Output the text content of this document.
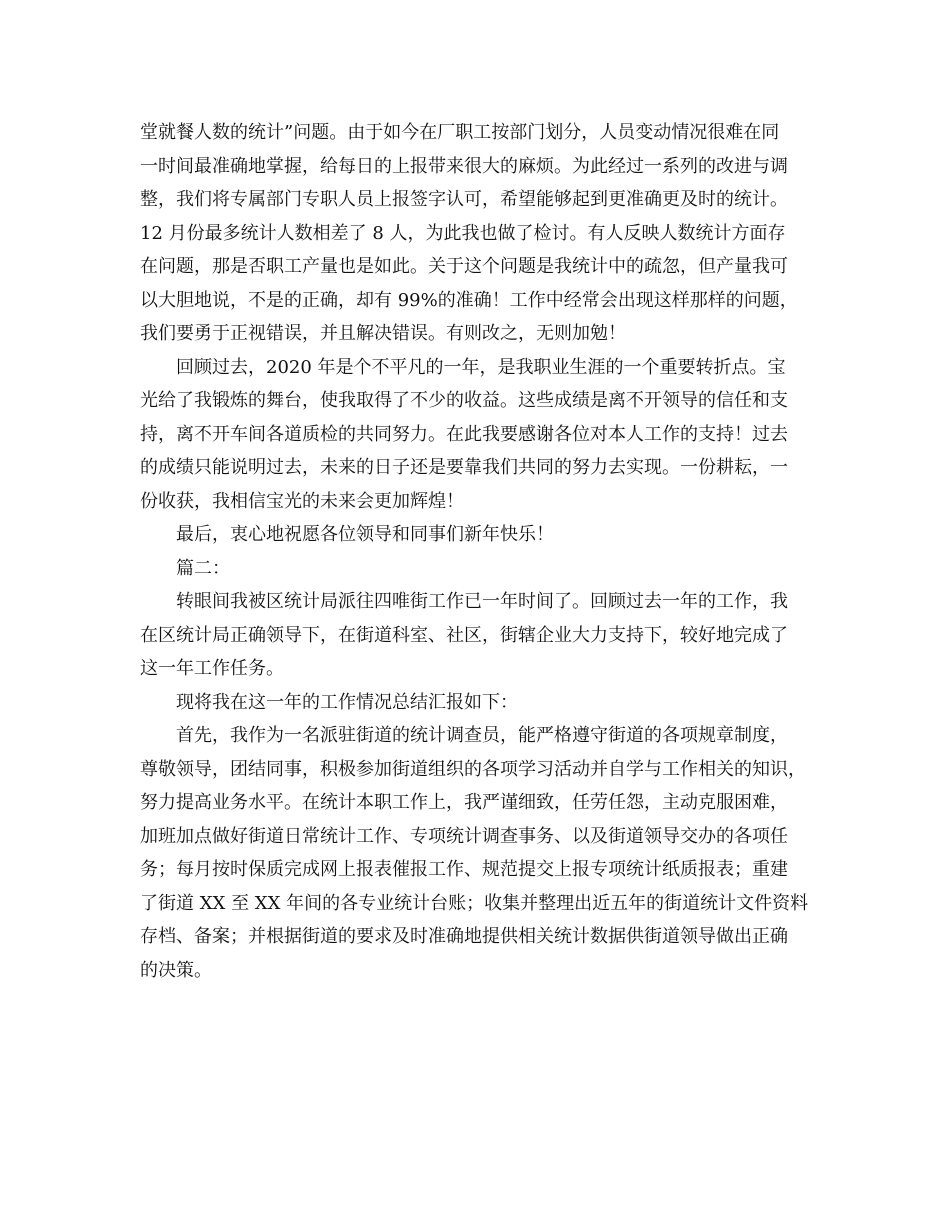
堂就餐人数的统计”问题。由于如今在厂职工按部门划分，人员变动情况很难在同
一时间最准确地掌握，给每日的上报带来很大的麻烦。为此经过一系列的改进与调
整，我们将专属部门专职人员上报签字认可，希望能够起到更准确更及时的统计。
12 月份最多统计人数相差了 8 人，为此我也做了检讨。有人反映人数统计方面存
在问题，那是否职工产量也是如此。关于这个问题是我统计中的疏忽，但产量我可
以大胆地说，不是的正确，却有 99%的准确！工作中经常会出现这样那样的问题，
我们要勇于正视错误，并且解决错误。有则改之，无则加勉！
回顾过去，2020 年是个不平凡的一年，是我职业生涯的一个重要转折点。宝
光给了我锻炼的舞台，使我取得了不少的收益。这些成绩是离不开领导的信任和支
持，离不开车间各道质检的共同努力。在此我要感谢各位对本人工作的支持！过去
的成绩只能说明过去，未来的日子还是要靠我们共同的努力去实现。一份耕耘，一
份收获，我相信宝光的未来会更加辉煌！
最后，衷心地祝愿各位领导和同事们新年快乐！
篇二：
转眼间我被区统计局派往四唯街工作已一年时间了。回顾过去一年的工作，我
在区统计局正确领导下，在街道科室、社区，街辖企业大力支持下，较好地完成了
这一年工作任务。
现将我在这一年的工作情况总结汇报如下：
首先，我作为一名派驻街道的统计调查员，能严格遵守街道的各项规章制度，
尊敬领导，团结同事，积极参加街道组织的各项学习活动并自学与工作相关的知识，
努力提高业务水平。在统计本职工作上，我严谨细致，任劳任怨，主动克服困难，
加班加点做好街道日常统计工作、专项统计调查事务、以及街道领导交办的各项任
务；每月按时保质完成网上报表催报工作、规范提交上报专项统计纸质报表；重建
了街道 XX 至 XX 年间的各专业统计台账；收集并整理出近五年的街道统计文件资料
存档、备案；并根据街道的要求及时准确地提供相关统计数据供街道领导做出正确
的决策。
